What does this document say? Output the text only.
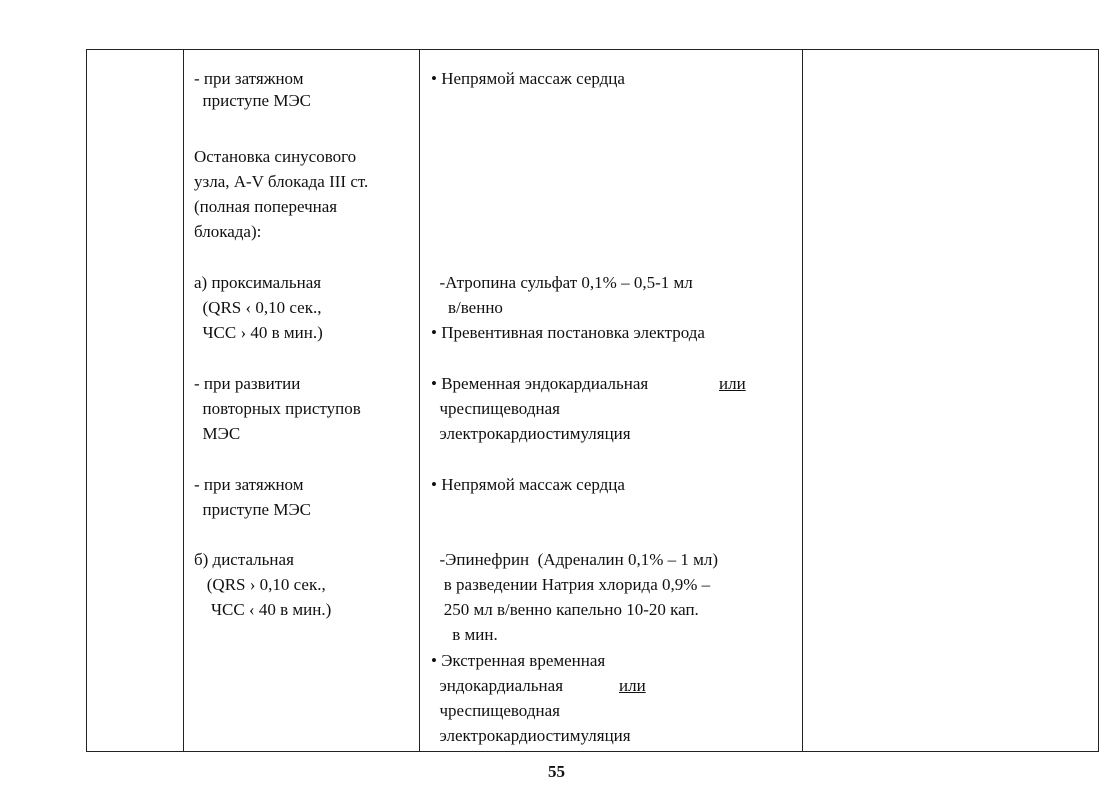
- при затяжном
приступе МЭС
Остановка синусового
узла, A-V блокада III ст.
(полная поперечная
блокада):
а) проксимальная
(QRS ‹ 0,10 сек.,
ЧСС › 40 в мин.)
- при развитии
повторных приступов
МЭС
- при затяжном
приступе МЭС
б) дистальная
(QRS › 0,10 сек.,
ЧСС ‹ 40 в мин.)
• Непрямой массаж сердца
-Атропина сульфат 0,1% – 0,5-1 мл
в/венно
• Превентивная постановка электрода
• Временная эндокардиальная	или
чреспищеводная
электрокардиостимуляция
• Непрямой массаж сердца
-Эпинефрин  (Адреналин 0,1% – 1 мл)
в разведении Натрия хлорида 0,9% –
250 мл в/венно капельно 10-20 кап.
в мин.
• Экстренная временная
эндокардиальная	или
чреспищеводная
электрокардиостимуляция
55
